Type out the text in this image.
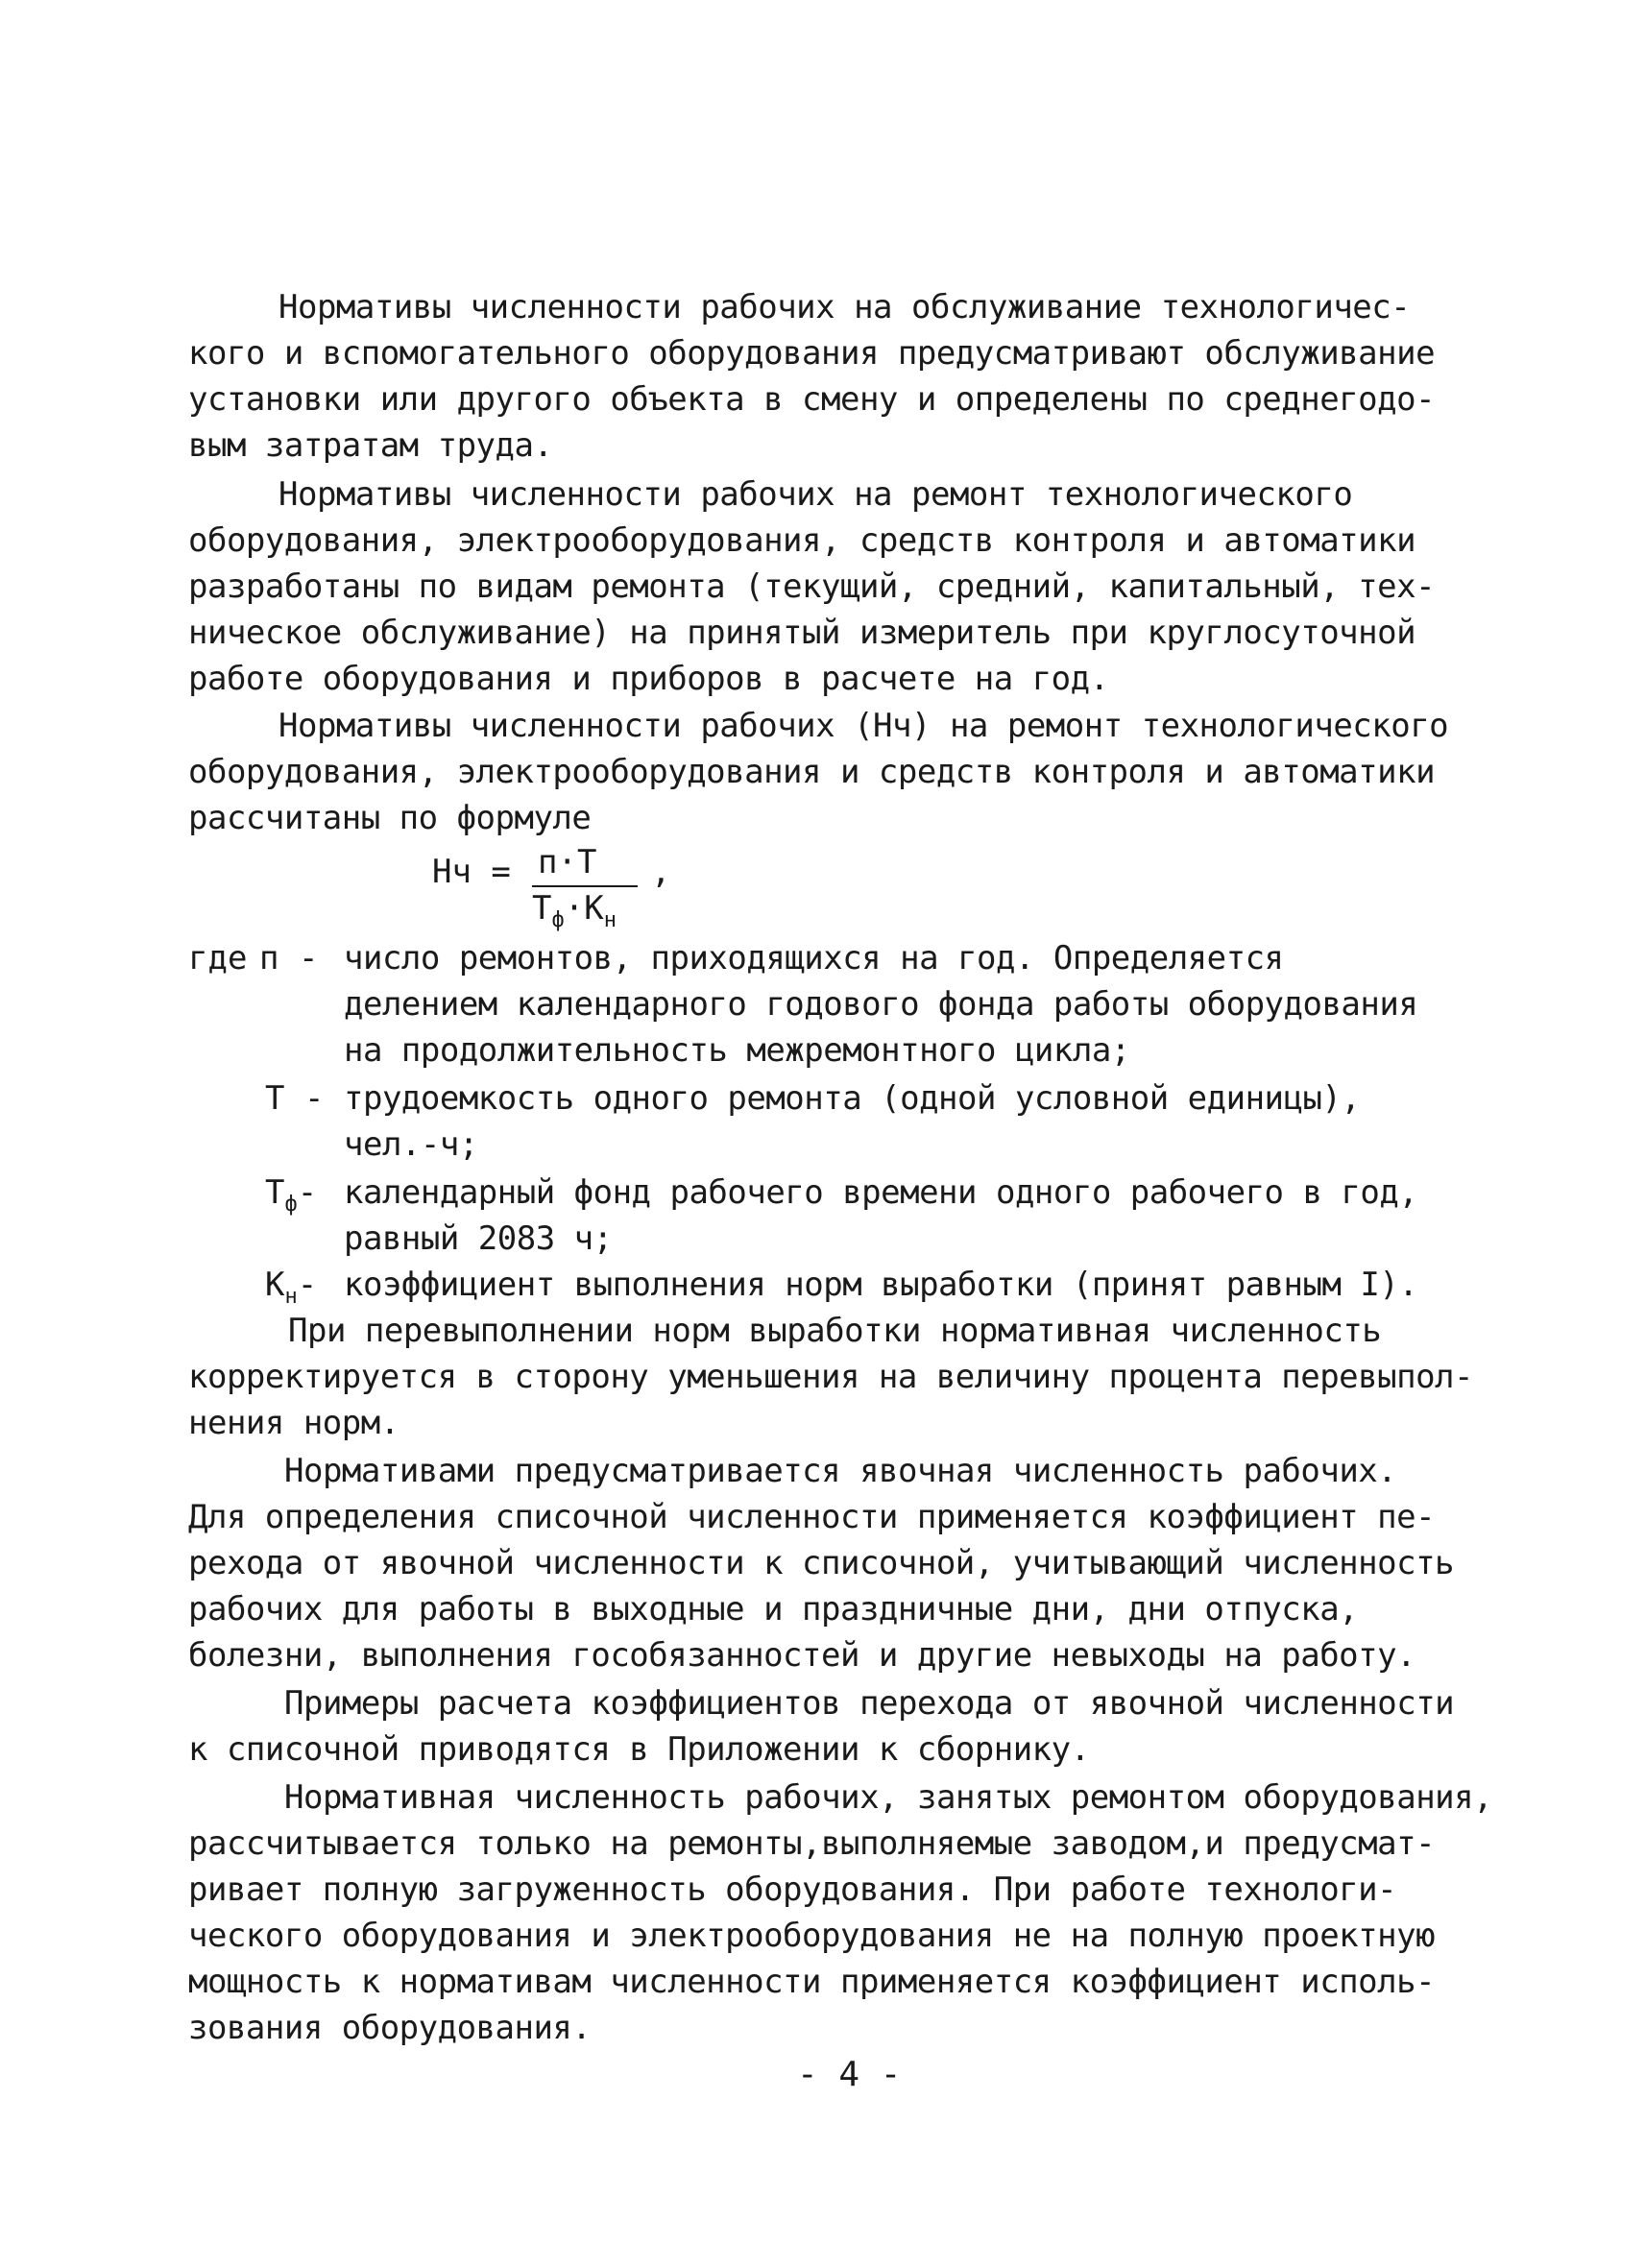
Нормативы численности рабочих на обслуживание технологичес-
кого и вспомогательного оборудования предусматривают обслуживание
установки или другого объекта в смену и определены по среднегодо-
вым затратам труда.
Нормативы численности рабочих на ремонт технологического
оборудования, электрооборудования, средств контроля и автоматики
разработаны по видам ремонта (текущий, средний, капитальный, тех-
ническое обслуживание) на принятый измеритель при круглосуточной
работе оборудования и приборов в расчете на год.
Нормативы численности рабочих (Нч) на ремонт технологического
оборудования, электрооборудования и средств контроля и автоматики
рассчитаны по формуле
Нч = п·Т
$Т_ф\cdot К_н$
,
где п - число ремонтов, приходящихся на год. Определяется
делением календарного годового фонда работы оборудования
на продолжительность межремонтного цикла;
Т - трудоемкость одного ремонта (одной условной единицы),
чел.-ч;
$Т_ф-$ календарный фонд рабочего времени одного рабочего в год,
равный 2083 ч;
$К_н-$ коэффициент выполнения норм выработки (принят равным I).
При перевыполнении норм выработки нормативная численность
корректируется в сторону уменьшения на величину процента перевыпол-
нения норм.
Нормативами предусматривается явочная численность рабочих.
Для определения списочной численности применяется коэффициент пе-
рехода от явочной численности к списочной, учитывающий численность
рабочих для работы в выходные и праздничные дни, дни отпуска,
болезни, выполнения гособязанностей и другие невыходы на работу.
Примеры расчета коэффициентов перехода от явочной численности
к списочной приводятся в Приложении к сборнику.
Нормативная численность рабочих, занятых ремонтом оборудования,
рассчитывается только на ремонты,выполняемые заводом,и предусмат-
ривает полную загруженность оборудования. При работе технологи-
ческого оборудования и электрооборудования не на полную проектную
мощность к нормативам численности применяется коэффициент исполь-
зования оборудования.
- 4 -
